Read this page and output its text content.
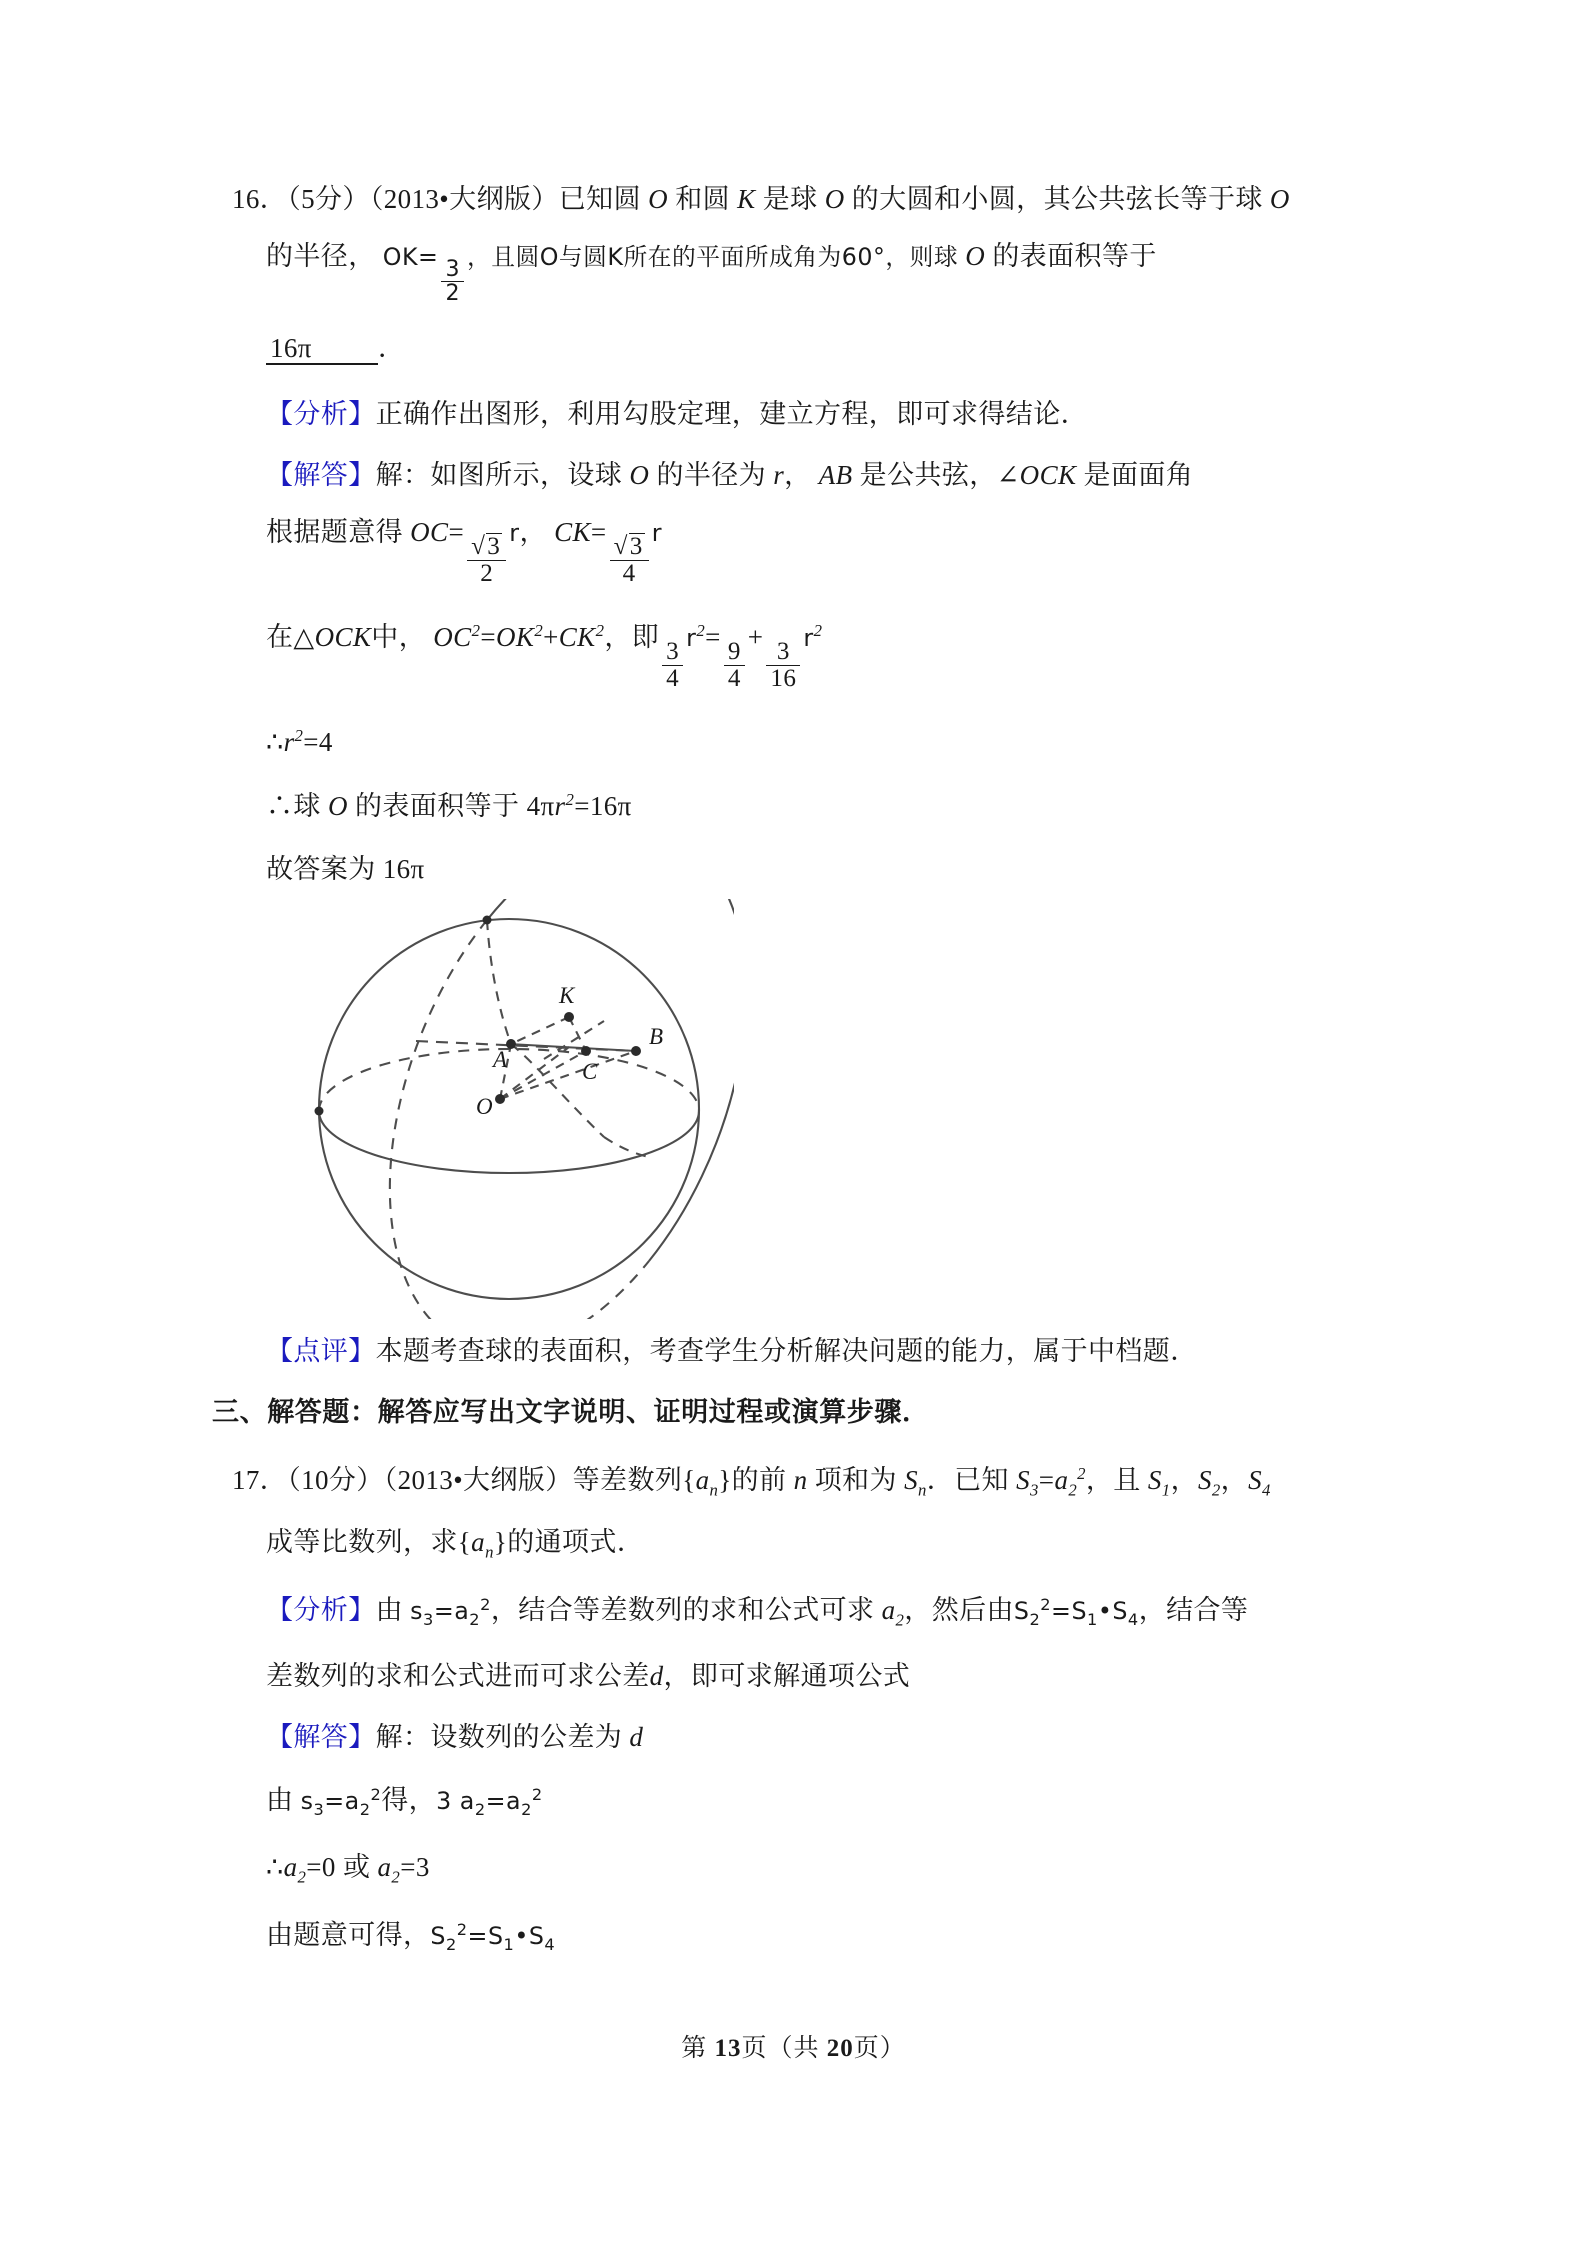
16．（5分）（2013•大纲版）已知圆 O 和圆 K 是球 O 的大圆和小圆，其公共弦长等于球 O
的半径， OK=
$\frac{3}{2}$
，且圆O与圆K所在的平面所成角为60°，则球 O 的表面积等于
16π ．
【分析】正确作出图形，利用勾股定理，建立方程，即可求得结论．
【解答】解：如图所示，设球 O 的半径为 r， AB 是公共弦，∠OCK 是面面角
根据题意得 OC=
$\frac{√3}{2}$
r， CK=
$\frac{√3}{4}$
r
在△OCK中， $OC^2=OK^2+CK^2$，即
$\frac{3}{4}$
$r^2=$
$\frac{9}{4}$
+
$\frac{3}{16}$
$r^2$
$\therefore r^2=4$
∴球 O 的表面积等于 $4\pi r^2=16\pi$
故答案为 16π
K
A
B
C
O
【点评】本题考查球的表面积，考查学生分析解决问题的能力，属于中档题．
三、解答题：解答应写出文字说明、证明过程或演算步骤．
17．（10分）（2013•大纲版）等差数列$\{a_n\}$的前 n 项和为 $S_n$．已知 $S_3=a_2^2$，且 $S_1$，$S_2$，$S_4$
成等比数列，求$\{a_n\}$的通项式．
【分析】由 $s_3=a_2^2$，结合等差数列的求和公式可求 $a_2$，然后由$S_2^2=S_1•S_4$，结合等
差数列的求和公式进而可求公差d，即可求解通项公式
【解答】解：设数列的公差为 d
由 $s_3=a_2^2$得，3 $a_2=a_2^2$
$\therefore a_2=0$ 或 $a_2=3$
由题意可得，$S_2^2=S_1•S_4$
第 13页（共 20页）
